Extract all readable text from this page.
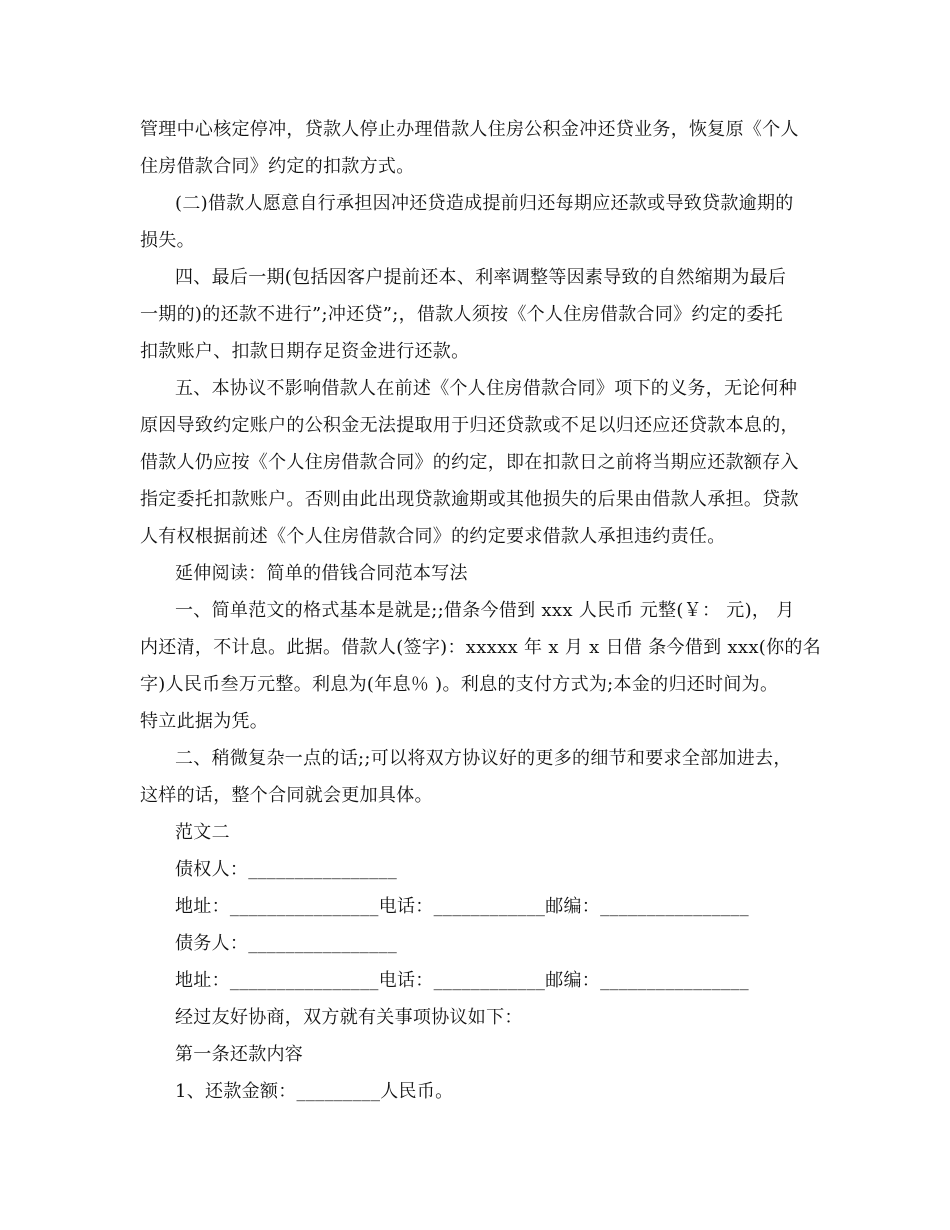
管理中心核定停冲，贷款人停止办理借款人住房公积金冲还贷业务，恢复原《个人
住房借款合同》约定的扣款方式。
(二)借款人愿意自行承担因冲还贷造成提前归还每期应还款或导致贷款逾期的
损失。
四、最后一期(包括因客户提前还本、利率调整等因素导致的自然缩期为最后
一期的)的还款不进行”;冲还贷”;，借款人须按《个人住房借款合同》约定的委托
扣款账户、扣款日期存足资金进行还款。
五、本协议不影响借款人在前述《个人住房借款合同》项下的义务，无论何种
原因导致约定账户的公积金无法提取用于归还贷款或不足以归还应还贷款本息的，
借款人仍应按《个人住房借款合同》的约定，即在扣款日之前将当期应还款额存入
指定委托扣款账户。否则由此出现贷款逾期或其他损失的后果由借款人承担。贷款
人有权根据前述《个人住房借款合同》的约定要求借款人承担违约责任。
延伸阅读：简单的借钱合同范本写法
一、简单范文的格式基本是就是;;借条今借到 xxx 人民币 元整(￥： 元)， 月
内还清，不计息。此据。借款人(签字)：xxxxx 年 x 月 x 日借 条今借到 xxx(你的名
字)人民币叁万元整。利息为(年息％ )。利息的支付方式为;本金的归还时间为。
特立此据为凭。
二、稍微复杂一点的话;;可以将双方协议好的更多的细节和要求全部加进去，
这样的话，整个合同就会更加具体。
范文二
债权人：________________
地址：________________电话：____________邮编：________________
债务人：________________
地址：________________电话：____________邮编：________________
经过友好协商，双方就有关事项协议如下：
第一条还款内容
1、还款金额：_________人民币。
